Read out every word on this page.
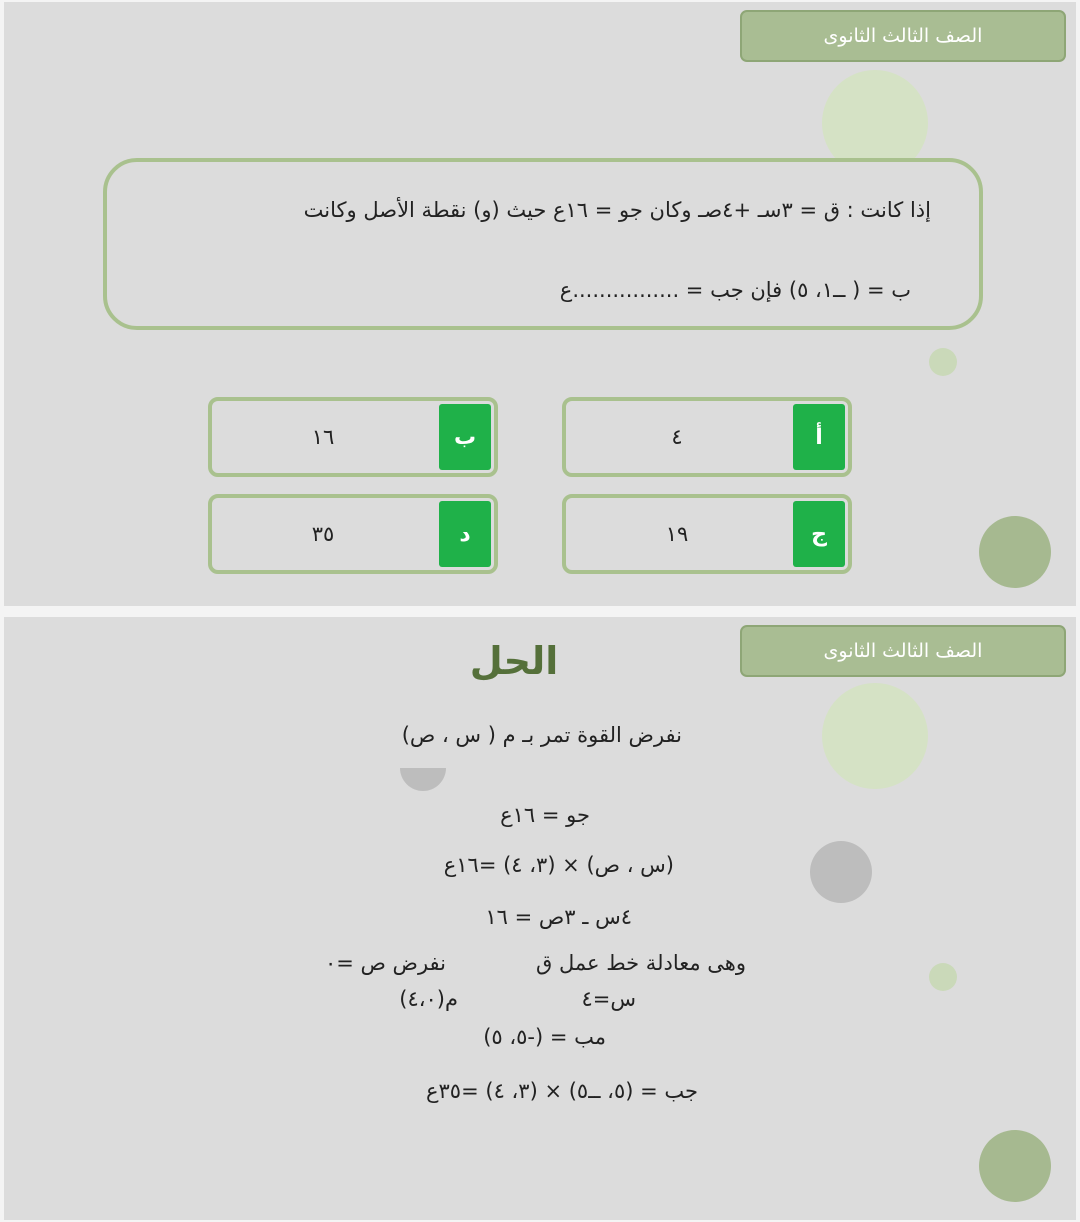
الصف الثالث الثانوى
إذا كانت : ق = ٣سـ +٤صـ وكان جو = ١٦ع حيث (و) نقطة الأصل وكانت
ب = ( ــ١، ٥) فإن جب = ................ع
أ
٤
ب
١٦
ج
١٩
د
٣٥
الصف الثالث الثانوى
الحل
نفرض القوة تمر بـ م ( س ، ص)
جو = ١٦ع
(س ، ص) × (٣، ٤) =١٦ع
٤س ـ ٣ص = ١٦
وهى معادلة خط عمل ق
نفرض ص =٠
س=٤
م(٤،٠)
مب = (-٥، ٥)
جب = (٥، ــ٥) × (٣، ٤) =٣٥ع
